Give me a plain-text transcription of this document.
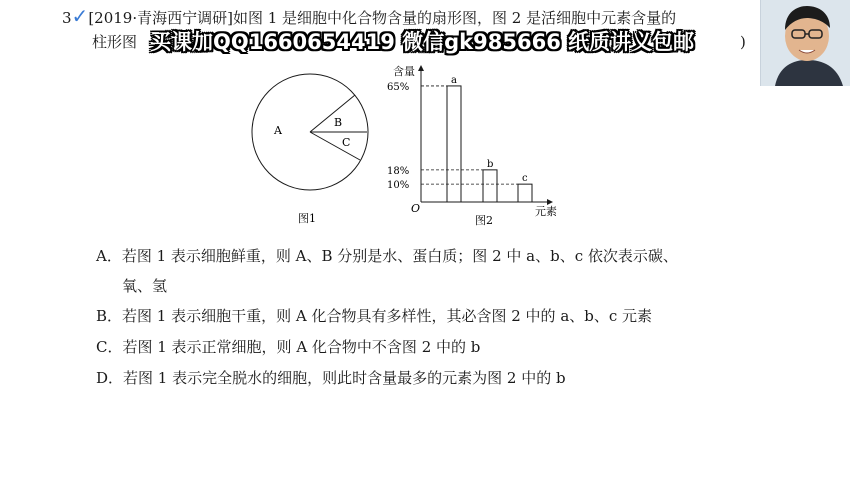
3✓[2019·青海西宁调研]如图 1 是细胞中化合物含量的扇形图，图 2 是活细胞中元素含量的
柱形图	)
买课加QQ1660654419 微信gk985666 纸质讲义包邮
A
B
C
图1
含量
元素
O
a
65%
b
18%
c
10%
图2
A．若图 1 表示细胞鲜重，则 A、B 分别是水、蛋白质；图 2 中 a、b、c 依次表示碳、
氧、氢
B．若图 1 表示细胞干重，则 A 化合物具有多样性，其必含图 2 中的 a、b、c 元素
C．若图 1 表示正常细胞，则 A 化合物中不含图 2 中的 b
D．若图 1 表示完全脱水的细胞，则此时含量最多的元素为图 2 中的 b
